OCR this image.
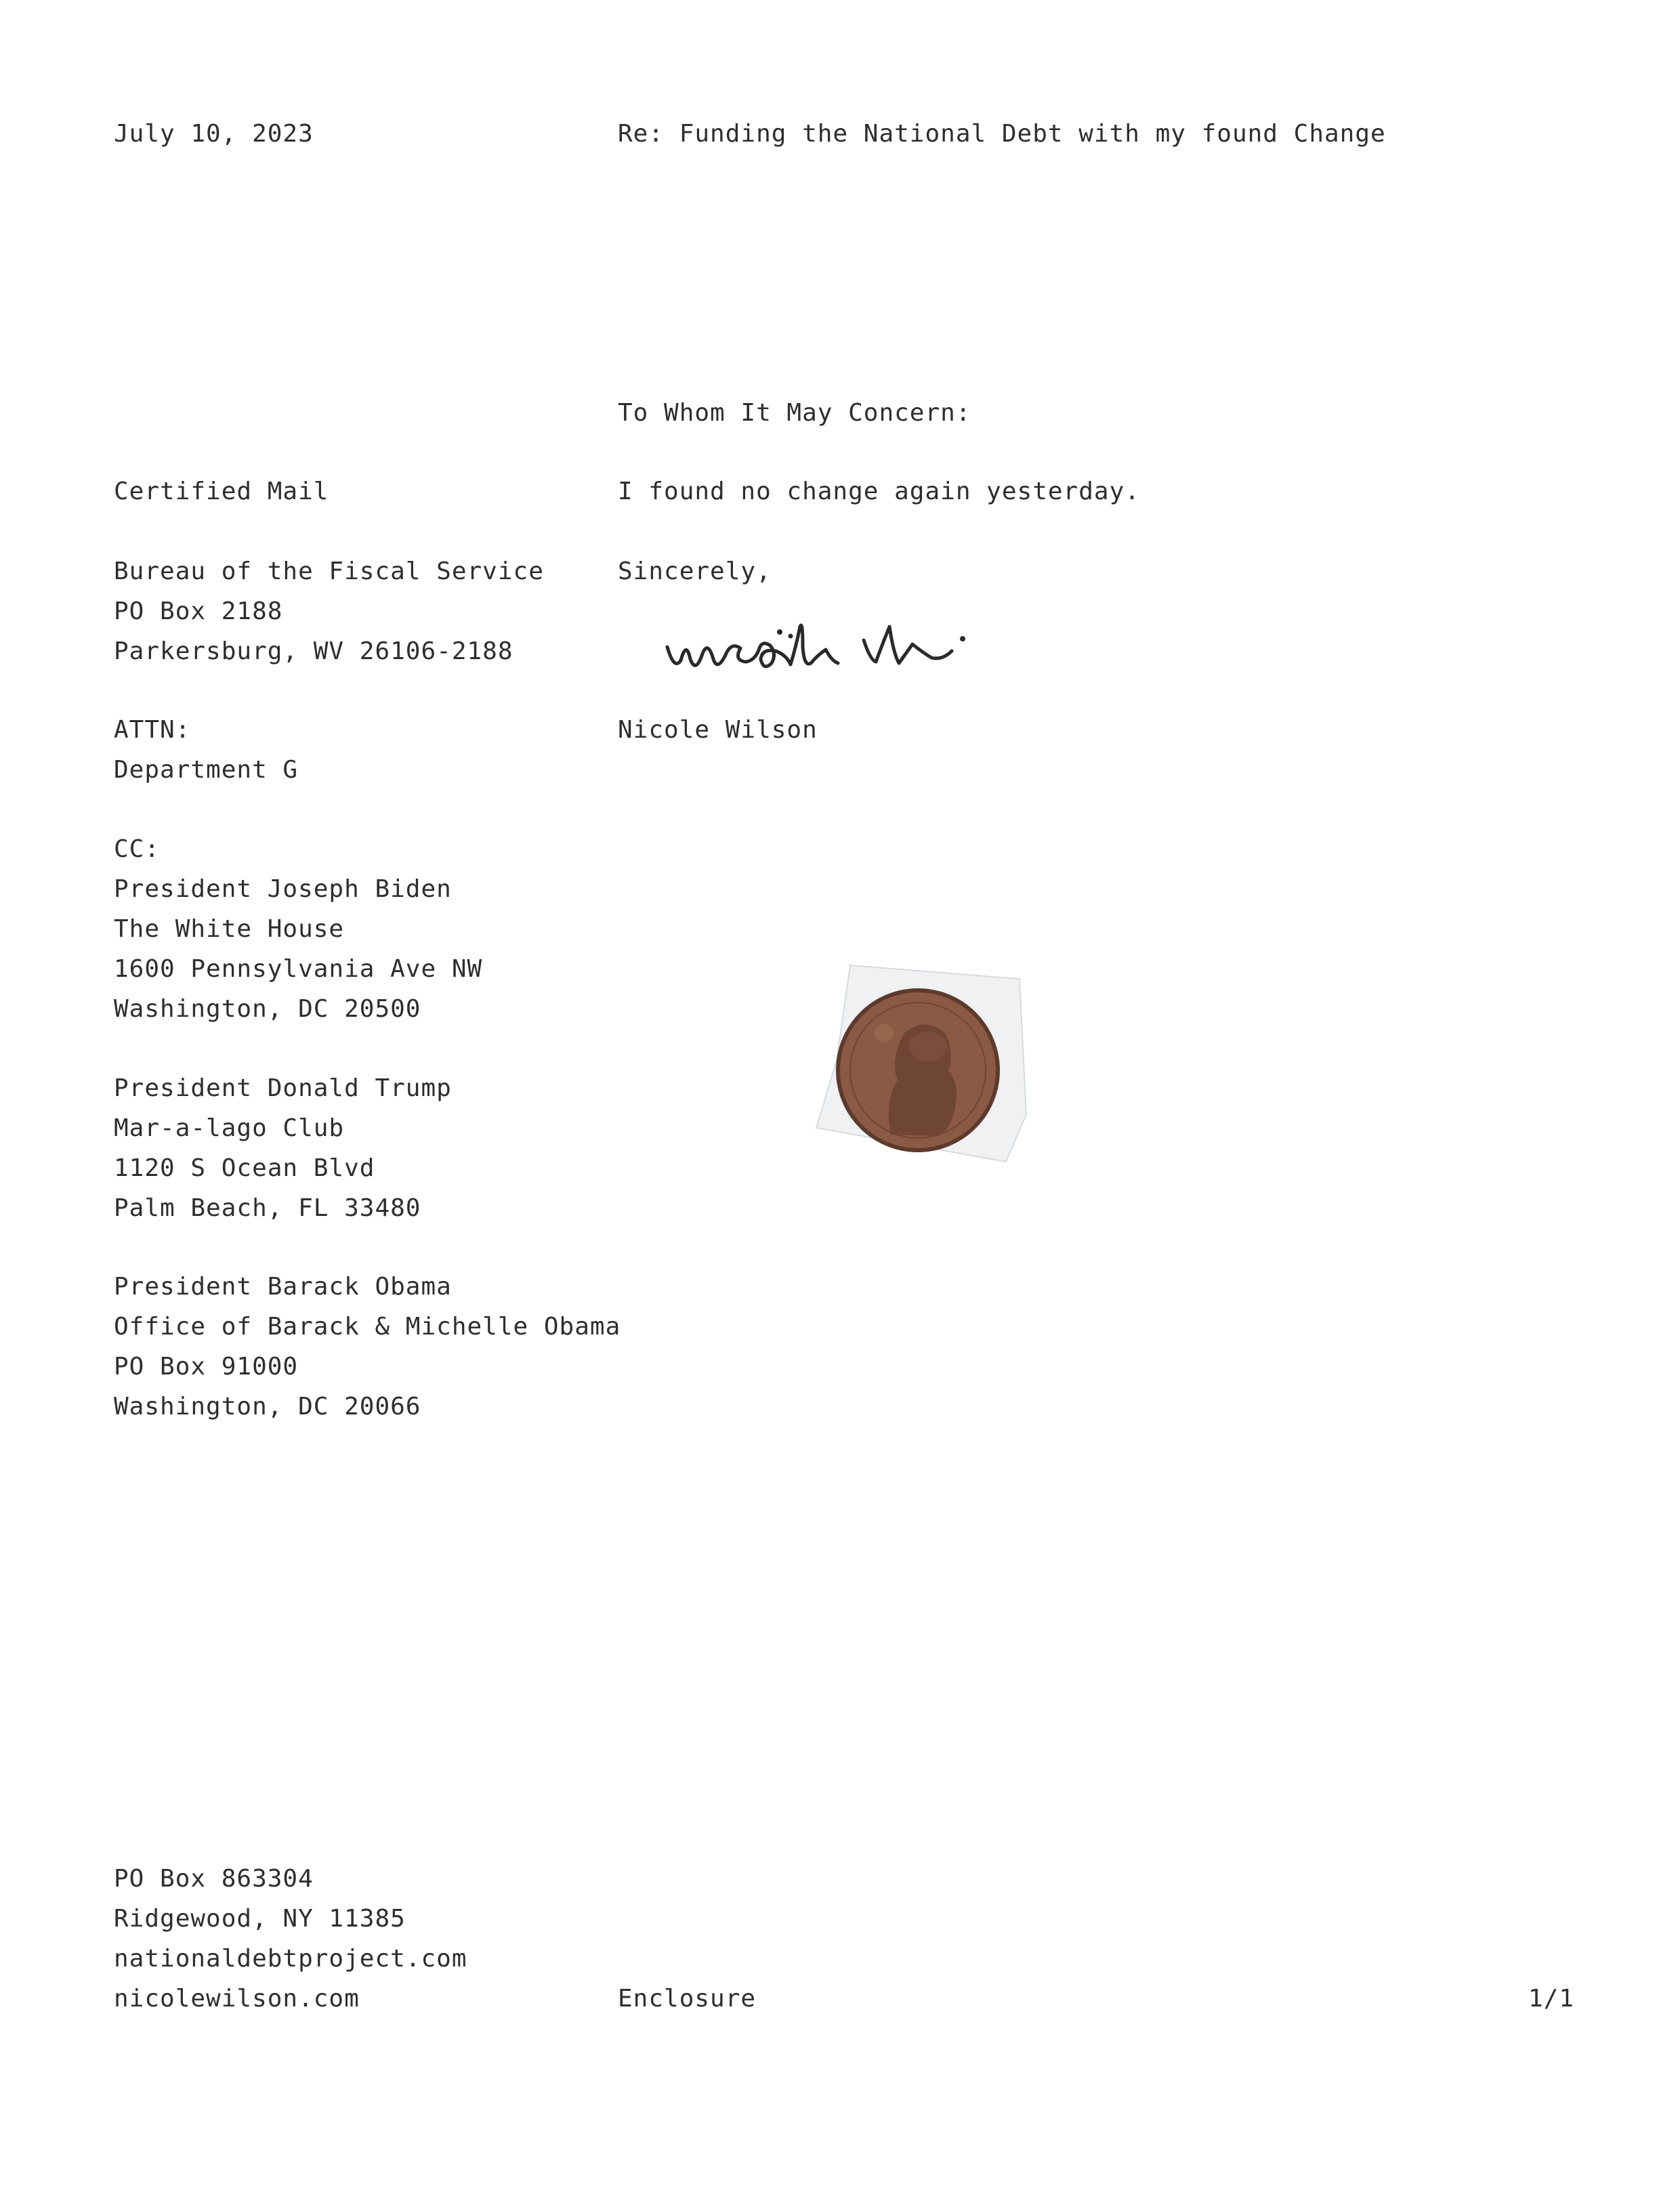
July 10, 2023	Re: Funding the National Debt with my found Change
To Whom It May Concern:
I found no change again yesterday.
Sincerely,
Nicole Wilson
Certified Mail
Bureau of the Fiscal Service
PO Box 2188
Parkersburg, WV 26106-2188
ATTN:
Department G
CC:
President Joseph Biden
The White House
1600 Pennsylvania Ave NW
Washington, DC 20500
President Donald Trump
Mar-a-lago Club
1120 S Ocean Blvd
Palm Beach, FL 33480
President Barack Obama
Office of Barack & Michelle Obama
PO Box 91000
Washington, DC 20066
PO Box 863304
Ridgewood, NY 11385
nationaldebtproject.com
nicolewilson.com	Enclosure	1/1
